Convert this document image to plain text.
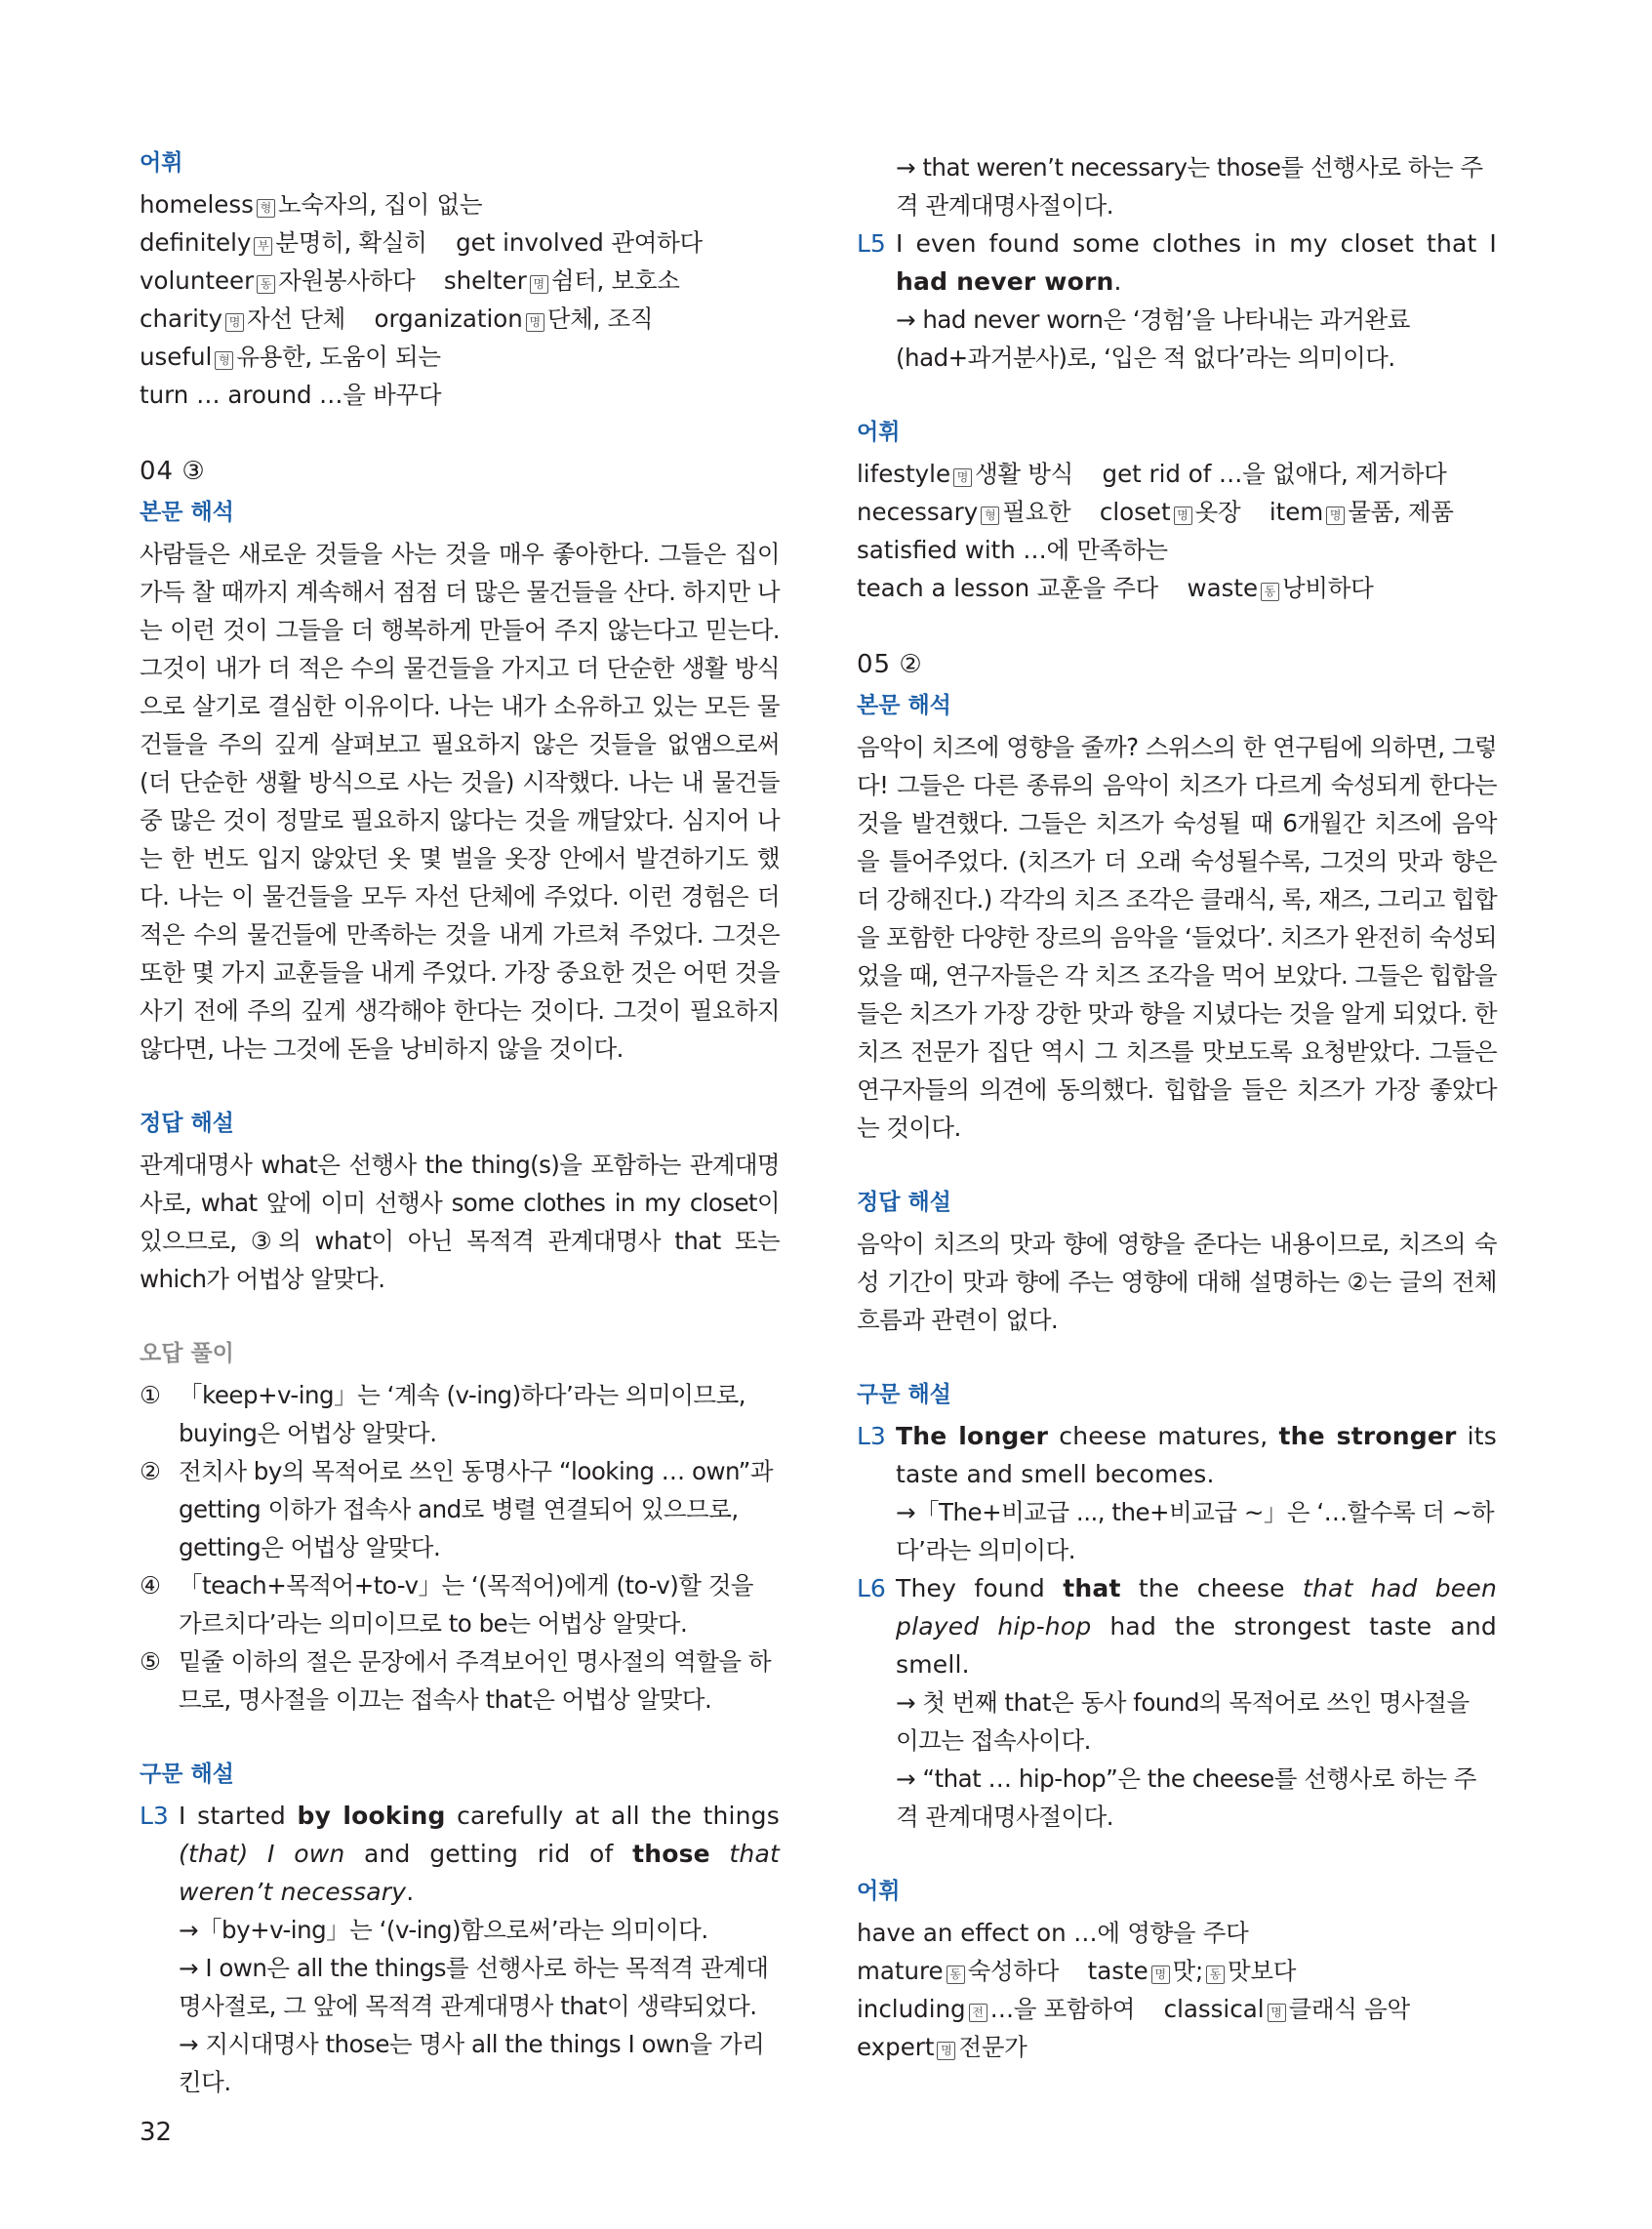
어휘

homeless 형 노숙자의, 집이 없는 definitely 부 분명히, 확실히 get involved 관여하다 volunteer 동 자원봉사하다 shelter 명 쉼터, 보호소 charity 명 자선 단체 organization 명 단체, 조직 useful 형 유용한, 도움이 되는 turn … around …을 바꾸다

04 ③
본문 해석

사람들은 새로운 것들을 사는 것을 매우 좋아한다. 그들은 집이 가득 찰 때까지 계속해서 점점 더 많은 물건들을 산다. 하지만 나는 이런 것이 그들을 더 행복하게 만들어 주지 않는다고 믿는다. 그것이 내가 더 적은 수의 물건들을 가지고 더 단순한 생활 방식으로 살기로 결심한 이유이다. 나는 내가 소유하고 있는 모든 물건들을 주의 깊게 살펴보고 필요하지 않은 것들을 없앰으로써 (더 단순한 생활 방식으로 사는 것을) 시작했다. 나는 내 물건들 중 많은 것이 정말로 필요하지 않다는 것을 깨달았다. 심지어 나는 한 번도 입지 않았던 옷 몇 벌을 옷장 안에서 발견하기도 했다. 나는 이 물건들을 모두 자선 단체에 주었다. 이런 경험은 더 적은 수의 물건들에 만족하는 것을 내게 가르쳐 주었다. 그것은 또한 몇 가지 교훈들을 내게 주었다. 가장 중요한 것은 어떤 것을 사기 전에 주의 깊게 생각해야 한다는 것이다. 그것이 필요하지 않다면, 나는 그것에 돈을 낭비하지 않을 것이다.

정답 해설

관계대명사 what은 선행사 the thing(s)을 포함하는 관계대명사로, what 앞에 이미 선행사 some clothes in my closet이 있으므로, ③의 what이 아닌 목적격 관계대명사 that 또는 which가 어법상 알맞다.

오답 풀이
① 「keep+v-ing」는 ‘계속 (v-ing)하다’라는 의미이므로, buying은 어법상 알맞다.
② 전치사 by의 목적어로 쓰인 동명사구 “looking … own”과 getting 이하가 접속사 and로 병렬 연결되어 있으므로, getting은 어법상 알맞다.
④ 「teach+목적어+to-v」는 ‘(목적어)에게 (to-v)할 것을 가르치다’라는 의미이므로 to be는 어법상 알맞다.
⑤ 밑줄 이하의 절은 문장에서 주격보어인 명사절의 역할을 하므로, 명사절을 이끄는 접속사 that은 어법상 알맞다.
구문 해설
L3 I started by looking carefully at all the things (that) I own and getting rid of those that weren’t necessary.
→「by+v-ing」는 ‘(v-ing)함으로써’라는 의미이다.
→ I own은 all the things를 선행사로 하는 목적격 관계대명사절로, 그 앞에 목적격 관계대명사 that이 생략되었다.
→ 지시대명사 those는 명사 all the things I own을 가리킨다.
→ that weren’t necessary는 those를 선행사로 하는 주격 관계대명사절이다.
L5 I even found some clothes in my closet that I had never worn.
→ had never worn은 ‘경험’을 나타내는 과거완료(had+과거분사)로, ‘입은 적 없다’라는 의미이다.
어휘

lifestyle 명 생활 방식 get rid of …을 없애다, 제거하다 necessary 형 필요한 closet 명 옷장 item 명 물품, 제품 satisfied with …에 만족하는 teach a lesson 교훈을 주다 waste 동 낭비하다

05 ②
본문 해석

음악이 치즈에 영향을 줄까? 스위스의 한 연구팀에 의하면, 그렇다! 그들은 다른 종류의 음악이 치즈가 다르게 숙성되게 한다는 것을 발견했다. 그들은 치즈가 숙성될 때 6개월간 치즈에 음악을 틀어주었다. (치즈가 더 오래 숙성될수록, 그것의 맛과 향은 더 강해진다.) 각각의 치즈 조각은 클래식, 록, 재즈, 그리고 힙합을 포함한 다양한 장르의 음악을 ‘들었다’. 치즈가 완전히 숙성되었을 때, 연구자들은 각 치즈 조각을 먹어 보았다. 그들은 힙합을 들은 치즈가 가장 강한 맛과 향을 지녔다는 것을 알게 되었다. 한 치즈 전문가 집단 역시 그 치즈를 맛보도록 요청받았다. 그들은 연구자들의 의견에 동의했다. 힙합을 들은 치즈가 가장 좋았다는 것이다.

정답 해설

음악이 치즈의 맛과 향에 영향을 준다는 내용이므로, 치즈의 숙성 기간이 맛과 향에 주는 영향에 대해 설명하는 ②는 글의 전체 흐름과 관련이 없다.

구문 해설
L3 The longer cheese matures, the stronger its taste and smell becomes.
→「The+비교급 ..., the+비교급 ~」은 ‘…할수록 더 ~하다’라는 의미이다.
L6 They found that the cheese that had been played hip-hop had the strongest taste and smell.
→ 첫 번째 that은 동사 found의 목적어로 쓰인 명사절을 이끄는 접속사이다.
→ “that … hip-hop”은 the cheese를 선행사로 하는 주격 관계대명사절이다.
어휘

have an effect on …에 영향을 주다 mature 동 숙성하다 taste 명 맛; 동 맛보다 including 전 …을 포함하여 classical 명 클래식 음악 expert 명 전문가

32
